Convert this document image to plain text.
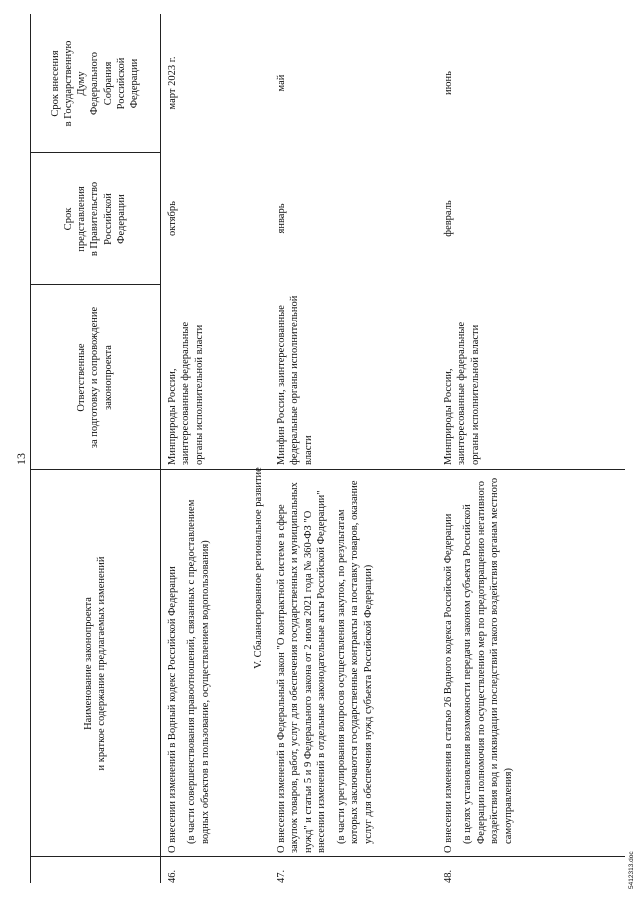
13
Наименование законопроекта
и краткое содержание предлагаемых изменений
Ответственные
за подготовку и сопровождение
законопроекта
Срок
представления
в Правительство
Российской
Федерации
Срок внесения
в Государственную
Думу
Федерального
Собрания
Российской
Федерации
46.

О внесении изменений в Водный кодекс Российской Федерации (в части совершенствования правоотношений, связанных с предоставлением водных объектов в пользование, осуществлением водопользования)

Минприроды России, заинтересованные федеральные органы исполнительной власти
октябрь
март 2023 г.
V. Сбалансированное региональное развитие
47.

О внесении изменений в Федеральный закон "О контрактной системе в сфере закупок товаров, работ, услуг для обеспечения государственных и муниципальных нужд" и статьи 5 и 9 Федерального закона от 2 июля 2021 года № 360-ФЗ "О внесении изменений в отдельные законодательные акты Российской Федерации" (в части урегулирования вопросов осуществления закупок, по результатам которых заключаются государственные контракты на поставку товаров, оказание услуг для обеспечения нужд субъекта Российской Федерации)

Минфин России, заинтересованные федеральные органы исполнительной власти
январь
май
48.

О внесении изменения в статью 26 Водного кодекса Российской Федерации (в целях установления возможности передачи законом субъекта Российской Федерации полномочия по осуществлению мер по предотвращению негативного воздействия вод и ликвидации последствий такого воздействия органам местного самоуправления)

Минприроды России, заинтересованные федеральные органы исполнительной власти
февраль
июнь
5412313.doc
